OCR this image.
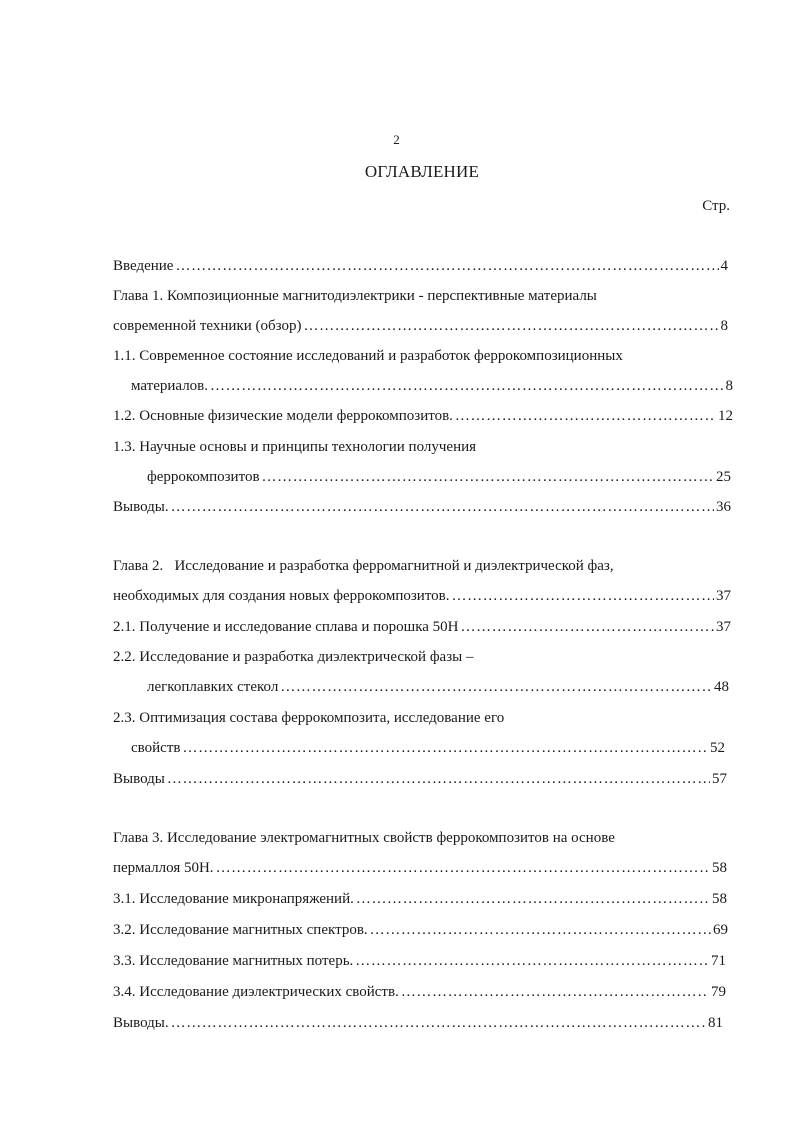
2
ОГЛАВЛЕНИЕ
Стр.
Введение ……………………………………………………………………………………………………………………………………………………………………………………………………	4
Глава 1. Композиционные магнитодиэлектрики - перспективные материалы
современной техники (обзор) ……………………………………………………………………………………………………………………………………………………………………………………………………	8
1.1. Современное состояние исследований и разработок феррокомпозиционных
материалов. ……………………………………………………………………………………………………………………………………………………………………………………………………	8
1.2. Основные физические модели феррокомпозитов. ……………………………………………………………………………………………………………………………………………………………………………………………………	12
1.3. Научные основы и принципы технологии получения
феррокомпозитов ……………………………………………………………………………………………………………………………………………………………………………………………………	25
Выводы. ……………………………………………………………………………………………………………………………………………………………………………………………………	36
Глава 2.   Исследование и разработка ферромагнитной и диэлектрической фаз,
необходимых для создания новых феррокомпозитов. ……………………………………………………………………………………………………………………………………………………………………………………………………	37
2.1. Получение и исследование сплава и порошка 50Н ……………………………………………………………………………………………………………………………………………………………………………………………………	37
2.2. Исследование и разработка диэлектрической фазы –
легкоплавких стекол ……………………………………………………………………………………………………………………………………………………………………………………………………	48
2.3. Оптимизация состава феррокомпозита, исследование его
свойств ……………………………………………………………………………………………………………………………………………………………………………………………………	52
Выводы ……………………………………………………………………………………………………………………………………………………………………………………………………	57
Глава 3. Исследование электромагнитных свойств феррокомпозитов на основе
пермаллоя 50Н. ……………………………………………………………………………………………………………………………………………………………………………………………………	58
3.1. Исследование микронапряжений. ……………………………………………………………………………………………………………………………………………………………………………………………………	58
3.2. Исследование магнитных спектров. ……………………………………………………………………………………………………………………………………………………………………………………………………	69
3.3. Исследование магнитных потерь. ……………………………………………………………………………………………………………………………………………………………………………………………………	71
3.4. Исследование диэлектрических свойств. ……………………………………………………………………………………………………………………………………………………………………………………………………	79
Выводы. ……………………………………………………………………………………………………………………………………………………………………………………………………	81
